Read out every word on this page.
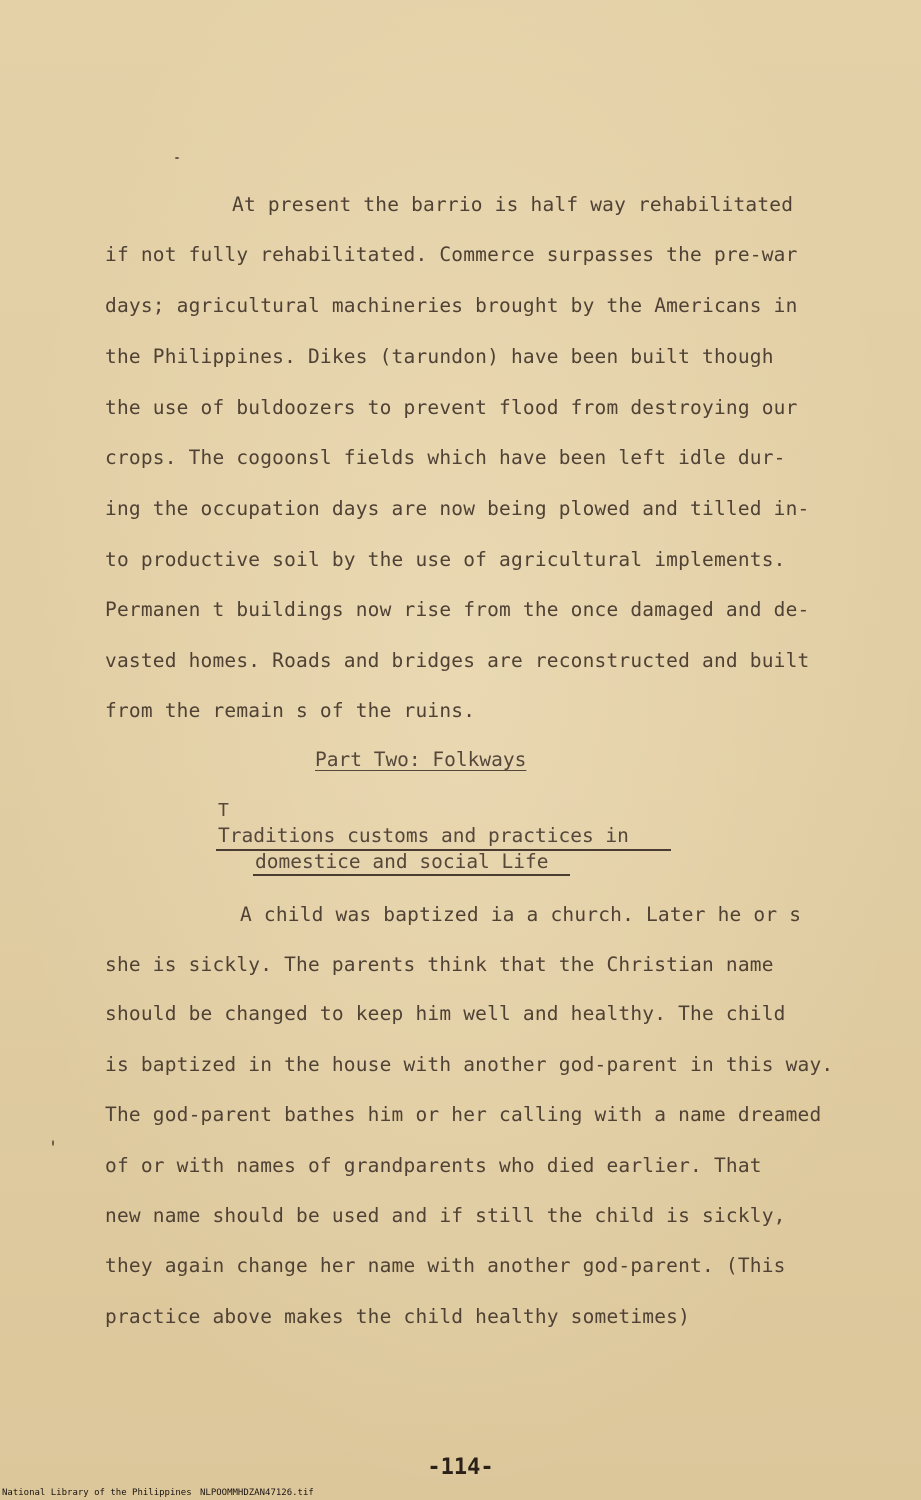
At present the barrio is half way rehabilitated
if not fully rehabilitated. Commerce surpasses the pre-war
days; agricultural machineries brought by the Americans in
the Philippines. Dikes (tarundon) have been built though
the use of buldoozers to prevent flood from destroying our
crops. The cogoonsl fields which have been left idle dur-
ing the occupation days are now being plowed and tilled in-
to productive soil by the use of agricultural implements.
Permanen t buildings now rise from the once damaged and de-
vasted homes. Roads and bridges are reconstructed and built
from the remain s of the ruins.
Part Two: Folkways
T
Traditions customs and practices in
domestice and social Life
A child was baptized ia a church. Later he or s
she is sickly. The parents think that the Christian name
should be changed to keep him well and healthy. The child
is baptized in the house with another god-parent in this way.
The god-parent bathes him or her calling with a name dreamed
of or with names of grandparents who died earlier. That
new name should be used and if still the child is sickly,
they again change her name with another god-parent. (This
practice above makes the child healthy sometimes)
-114-
National Library of the Philippines NLPOOMMHDZAN47126.tif
